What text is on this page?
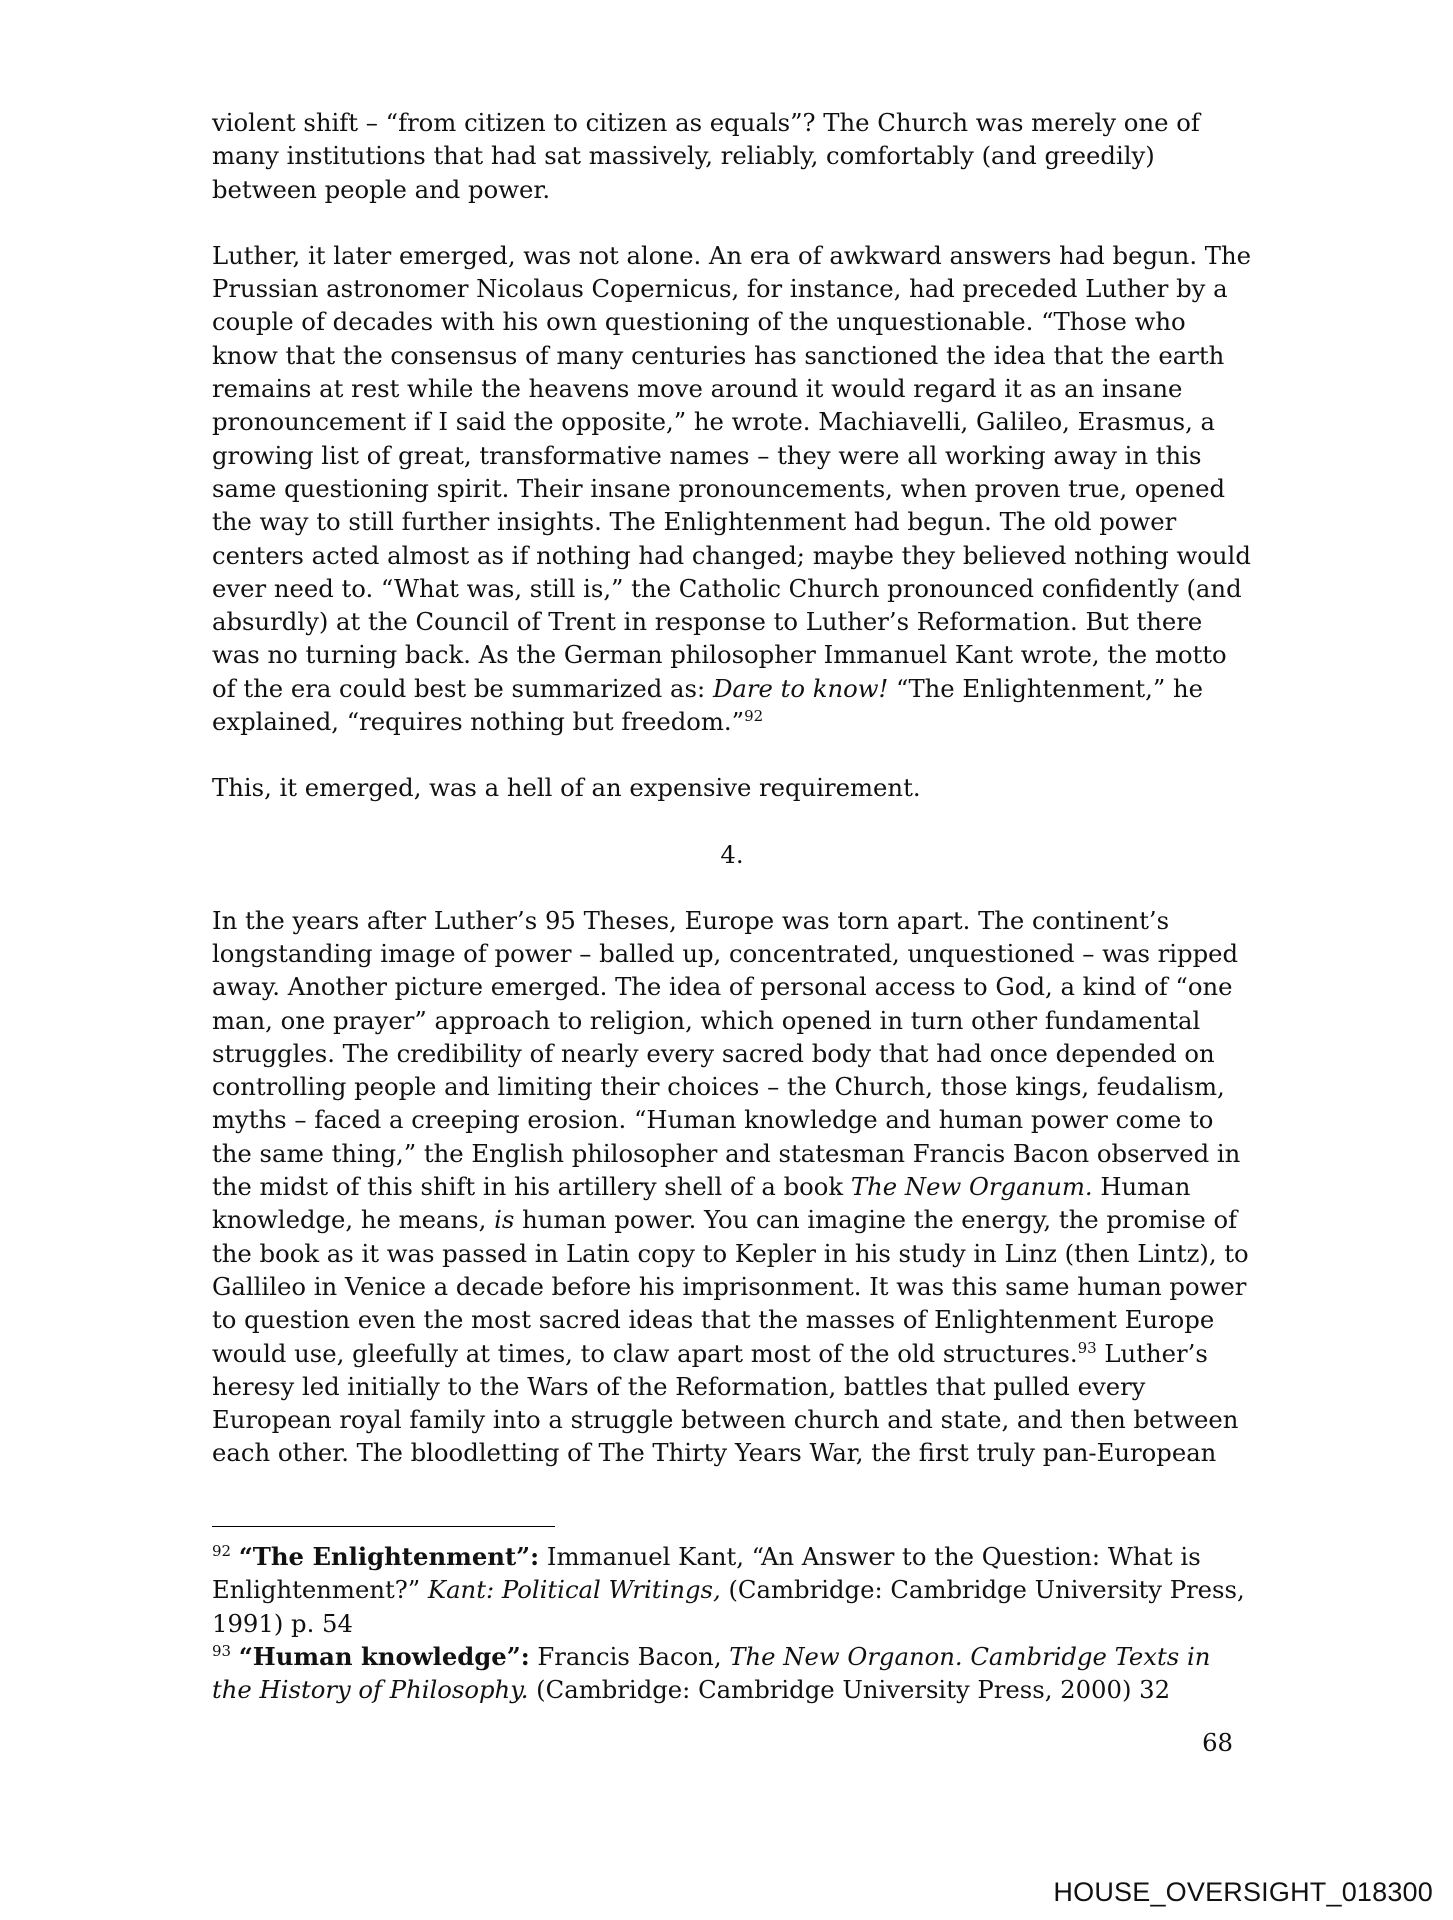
violent shift – “from citizen to citizen as equals”? The Church was merely one of many institutions that had sat massively, reliably, comfortably (and greedily) between people and power.

Luther, it later emerged, was not alone. An era of awkward answers had begun. The Prussian astronomer Nicolaus Copernicus, for instance, had preceded Luther by a couple of decades with his own questioning of the unquestionable. “Those who know that the consensus of many centuries has sanctioned the idea that the earth remains at rest while the heavens move around it would regard it as an insane pronouncement if I said the opposite,” he wrote. Machiavelli, Galileo, Erasmus, a growing list of great, transformative names – they were all working away in this same questioning spirit. Their insane pronouncements, when proven true, opened the way to still further insights. The Enlightenment had begun. The old power centers acted almost as if nothing had changed; maybe they believed nothing would ever need to. “What was, still is,” the Catholic Church pronounced confidently (and absurdly) at the Council of Trent in response to Luther’s Reformation. But there was no turning back. As the German philosopher Immanuel Kant wrote, the motto of the era could best be summarized as: Dare to know! “The Enlightenment,” he explained, “requires nothing but freedom.”$^{92}$

This, it emerged, was a hell of an expensive requirement.

4.

In the years after Luther’s 95 Theses, Europe was torn apart. The continent’s longstanding image of power – balled up, concentrated, unquestioned – was ripped away. Another picture emerged. The idea of personal access to God, a kind of “one man, one prayer” approach to religion, which opened in turn other fundamental struggles. The credibility of nearly every sacred body that had once depended on controlling people and limiting their choices – the Church, those kings, feudalism, myths – faced a creeping erosion. “Human knowledge and human power come to the same thing,” the English philosopher and statesman Francis Bacon observed in the midst of this shift in his artillery shell of a book The New Organum. Human knowledge, he means, is human power. You can imagine the energy, the promise of the book as it was passed in Latin copy to Kepler in his study in Linz (then Lintz), to Gallileo in Venice a decade before his imprisonment. It was this same human power to question even the most sacred ideas that the masses of Enlightenment Europe would use, gleefully at times, to claw apart most of the old structures.$^{93}$ Luther’s heresy led initially to the Wars of the Reformation, battles that pulled every European royal family into a struggle between church and state, and then between each other. The bloodletting of The Thirty Years War, the first truly pan-European

$^{92}$ “The Enlightenment”: Immanuel Kant, “An Answer to the Question: What is Enlightenment?” Kant: Political Writings, (Cambridge: Cambridge University Press, 1991) p. 54

$^{93}$ “Human knowledge”: Francis Bacon, The New Organon. Cambridge Texts in the History of Philosophy. (Cambridge: Cambridge University Press, 2000) 32

68
HOUSE_OVERSIGHT_018300
